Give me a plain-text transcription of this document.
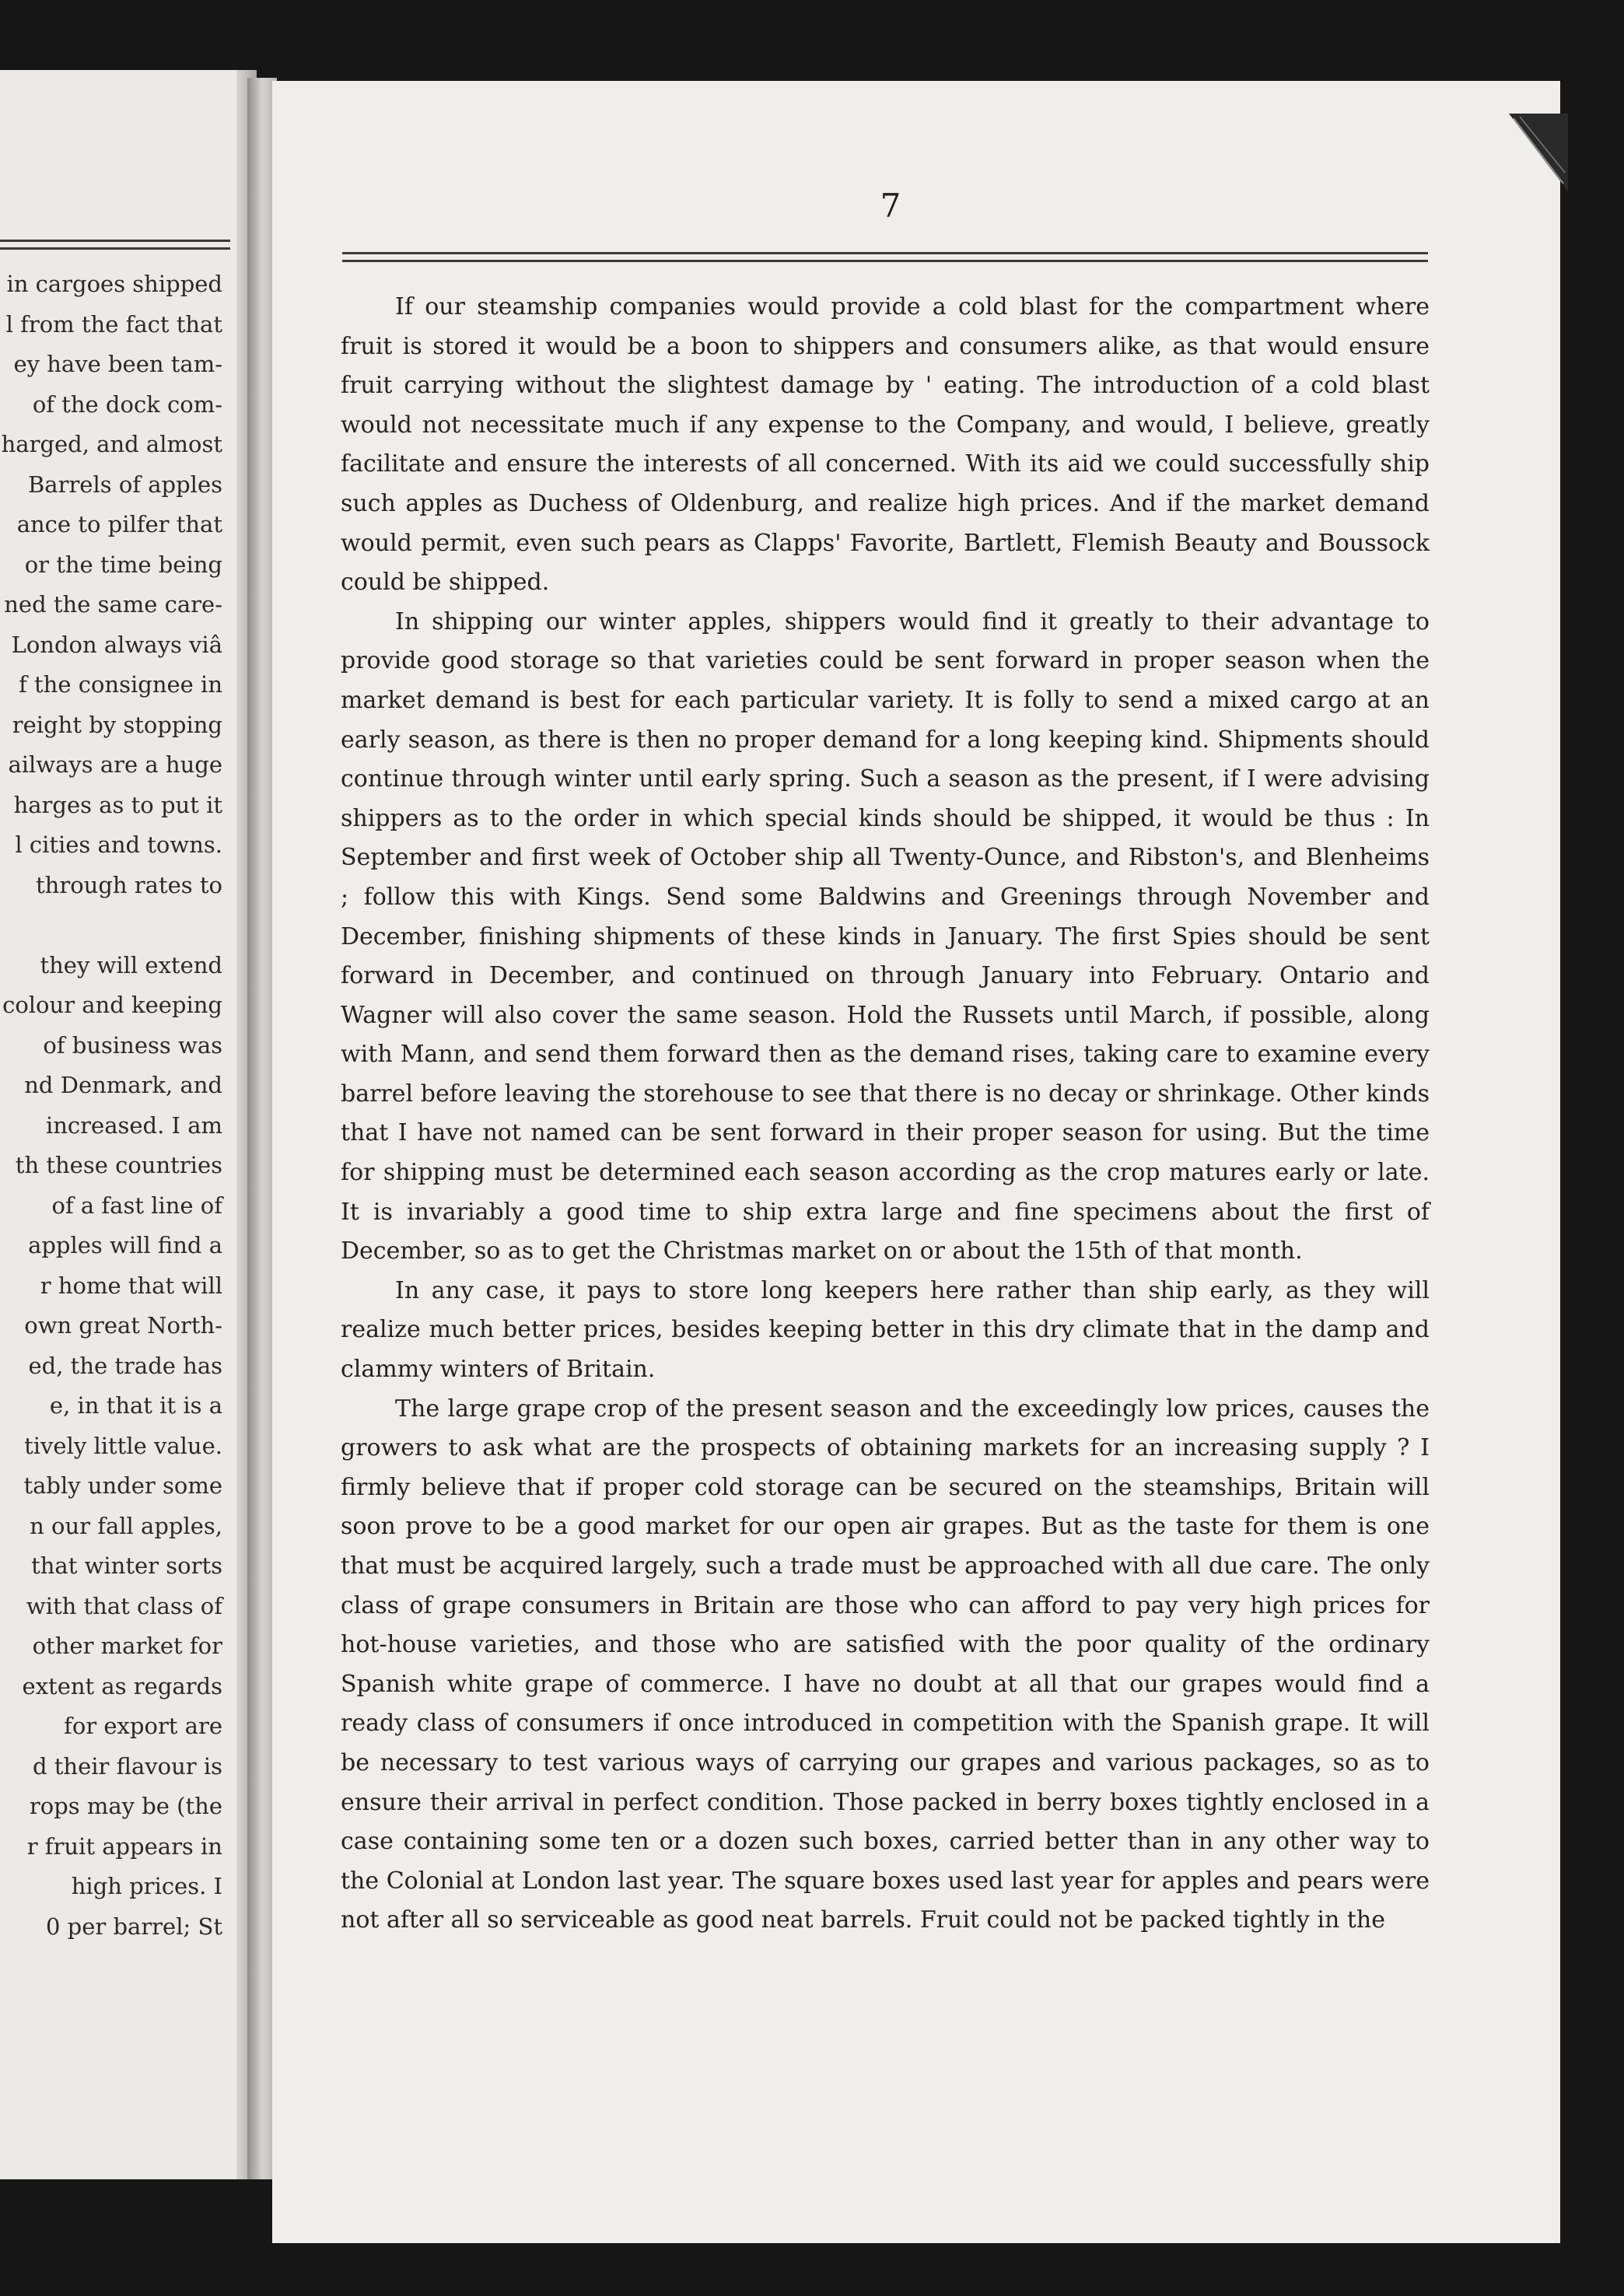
in cargoes shipped
l from the fact that
ey have been tam-
of the dock com-
harged, and almost
Barrels of apples
ance to pilfer that
or the time being
ned the same care-
London always viâ
f the consignee in
reight by stopping
ailways are a huge
harges as to put it
l cities and towns.
through rates to
they will extend
colour and keeping
of business was
nd Denmark, and
increased. I am
th these countries
of a fast line of
apples will find a
r home that will
own great North-
ed, the trade has
e, in that it is a
tively little value.
tably under some
n our fall apples,
that winter sorts
with that class of
other market for
extent as regards
for export are
d their flavour is
rops may be (the
r fruit appears in
high prices. I
0 per barrel; St
7

If our steamship companies would provide a cold blast for the compartment where fruit is stored it would be a boon to shippers and consumers alike, as that would ensure fruit carrying without the slightest damage by ' eating. The introduction of a cold blast would not necessitate much if any expense to the Company, and would, I believe, greatly facilitate and ensure the interests of all concerned. With its aid we could successfully ship such apples as Duchess of Oldenburg, and realize high prices. And if the market demand would permit, even such pears as Clapps' Favorite, Bartlett, Flemish Beauty and Boussock could be shipped.

In shipping our winter apples, shippers would find it greatly to their advantage to provide good storage so that varieties could be sent forward in proper season when the market demand is best for each particular variety. It is folly to send a mixed cargo at an early season, as there is then no proper demand for a long keeping kind. Shipments should continue through winter until early spring. Such a season as the present, if I were advising shippers as to the order in which special kinds should be shipped, it would be thus : In September and first week of October ship all Twenty-Ounce, and Ribston's, and Blenheims ; follow this with Kings. Send some Baldwins and Greenings through November and December, finishing shipments of these kinds in January. The first Spies should be sent forward in December, and continued on through January into February. Ontario and Wagner will also cover the same season. Hold the Russets until March, if possible, along with Mann, and send them forward then as the demand rises, taking care to examine every barrel before leaving the storehouse to see that there is no decay or shrinkage. Other kinds that I have not named can be sent forward in their proper season for using. But the time for shipping must be determined each season according as the crop matures early or late. It is invariably a good time to ship extra large and fine specimens about the first of December, so as to get the Christmas market on or about the 15th of that month.

In any case, it pays to store long keepers here rather than ship early, as they will realize much better prices, besides keeping better in this dry climate that in the damp and clammy winters of Britain.

The large grape crop of the present season and the exceedingly low prices, causes the growers to ask what are the prospects of obtaining markets for an increasing supply ? I firmly believe that if proper cold storage can be secured on the steamships, Britain will soon prove to be a good market for our open air grapes. But as the taste for them is one that must be acquired largely, such a trade must be approached with all due care. The only class of grape consumers in Britain are those who can afford to pay very high prices for hot-house varieties, and those who are satisfied with the poor quality of the ordinary Spanish white grape of commerce. I have no doubt at all that our grapes would find a ready class of consumers if once introduced in competition with the Spanish grape. It will be necessary to test various ways of carrying our grapes and various packages, so as to ensure their arrival in perfect condition. Those packed in berry boxes tightly enclosed in a case containing some ten or a dozen such boxes, carried better than in any other way to the Colonial at London last year. The square boxes used last year for apples and pears were not after all so serviceable as good neat barrels. Fruit could not be packed tightly in the
